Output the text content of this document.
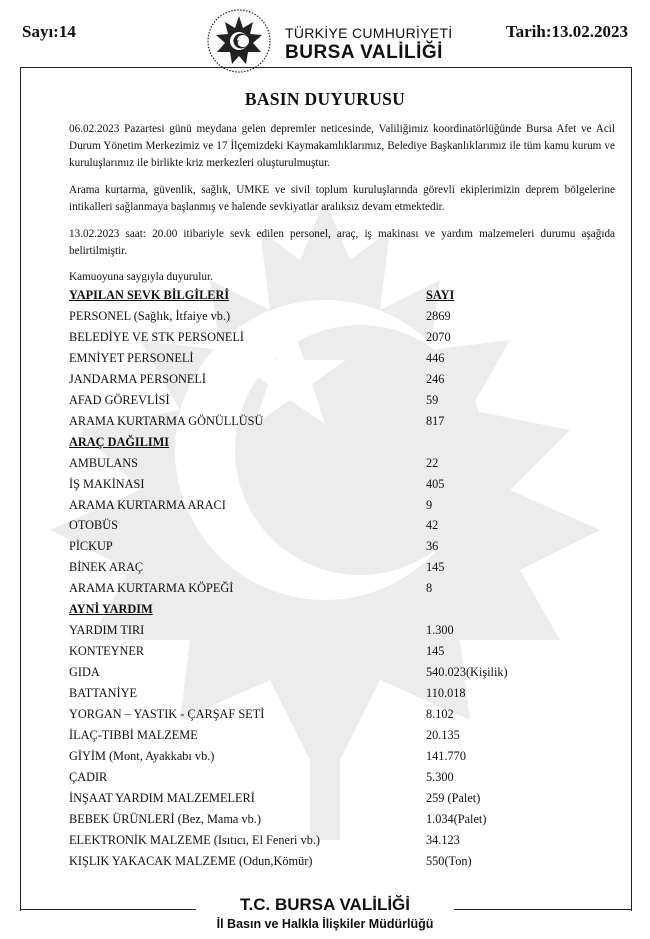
Sayı:14	Tarih:13.02.2023
TÜRKİYE CUMHURİYETİ
BURSA VALİLİĞİ
BASIN DUYURUSU
06.02.2023 Pazartesi günü meydana gelen depremler neticesinde, Valiliğimiz koordinatörlüğünde Bursa Afet ve Acil Durum Yönetim Merkezimiz ve 17 İlçemizdeki Kaymakamlıklarımız, Belediye Başkanlıklarımız ile tüm kamu kurum ve kuruluşlarımız ile birlikte kriz merkezleri oluşturulmuştur.
Arama kurtarma, güvenlik, sağlık, UMKE ve sivil toplum kuruluşlarında görevli ekiplerimizin deprem bölgelerine intikalleri sağlanmaya başlanmış ve halende sevkiyatlar aralıksız devam etmektedir.
13.02.2023 saat: 20.00 itibariyle sevk edilen personel, araç, iş makinası ve yardım malzemeleri durumu aşağıda belirtilmiştir.
Kamuoyuna saygıyla duyurulur.
YAPILAN SEVK BİLGİLERİ	SAYI
PERSONEL (Sağlık, İtfaiye vb.)	2869
BELEDİYE VE STK PERSONELİ	2070
EMNİYET PERSONELİ	446
JANDARMA PERSONELİ	246
AFAD GÖREVLİSİ	59
ARAMA KURTARMA GÖNÜLLÜSÜ	817
ARAÇ DAĞILIMI
AMBULANS	22
İŞ MAKİNASI	405
ARAMA KURTARMA ARACI	9
OTOBÜS	42
PİCKUP	36
BİNEK ARAÇ	145
ARAMA KURTARMA KÖPEĞİ	8
AYNİ YARDIM
YARDIM TIRI	1.300
KONTEYNER	145
GIDA	540.023(Kişilik)
BATTANİYE	110.018
YORGAN – YASTIK - ÇARŞAF SETİ	8.102
İLAÇ-TIBBİ MALZEME	20.135
GİYİM (Mont, Ayakkabı vb.)	141.770
ÇADIR	5.300
İNŞAAT YARDIM MALZEMELERİ	259 (Palet)
BEBEK ÜRÜNLERİ (Bez, Mama vb.)	1.034(Palet)
ELEKTRONİK MALZEME (Isıtıcı, El Feneri vb.)	34.123
KIŞLIK YAKACAK MALZEME (Odun,Kömür)	550(Ton)
T.C. BURSA VALİLİĞİ
İl Basın ve Halkla İlişkiler Müdürlüğü
